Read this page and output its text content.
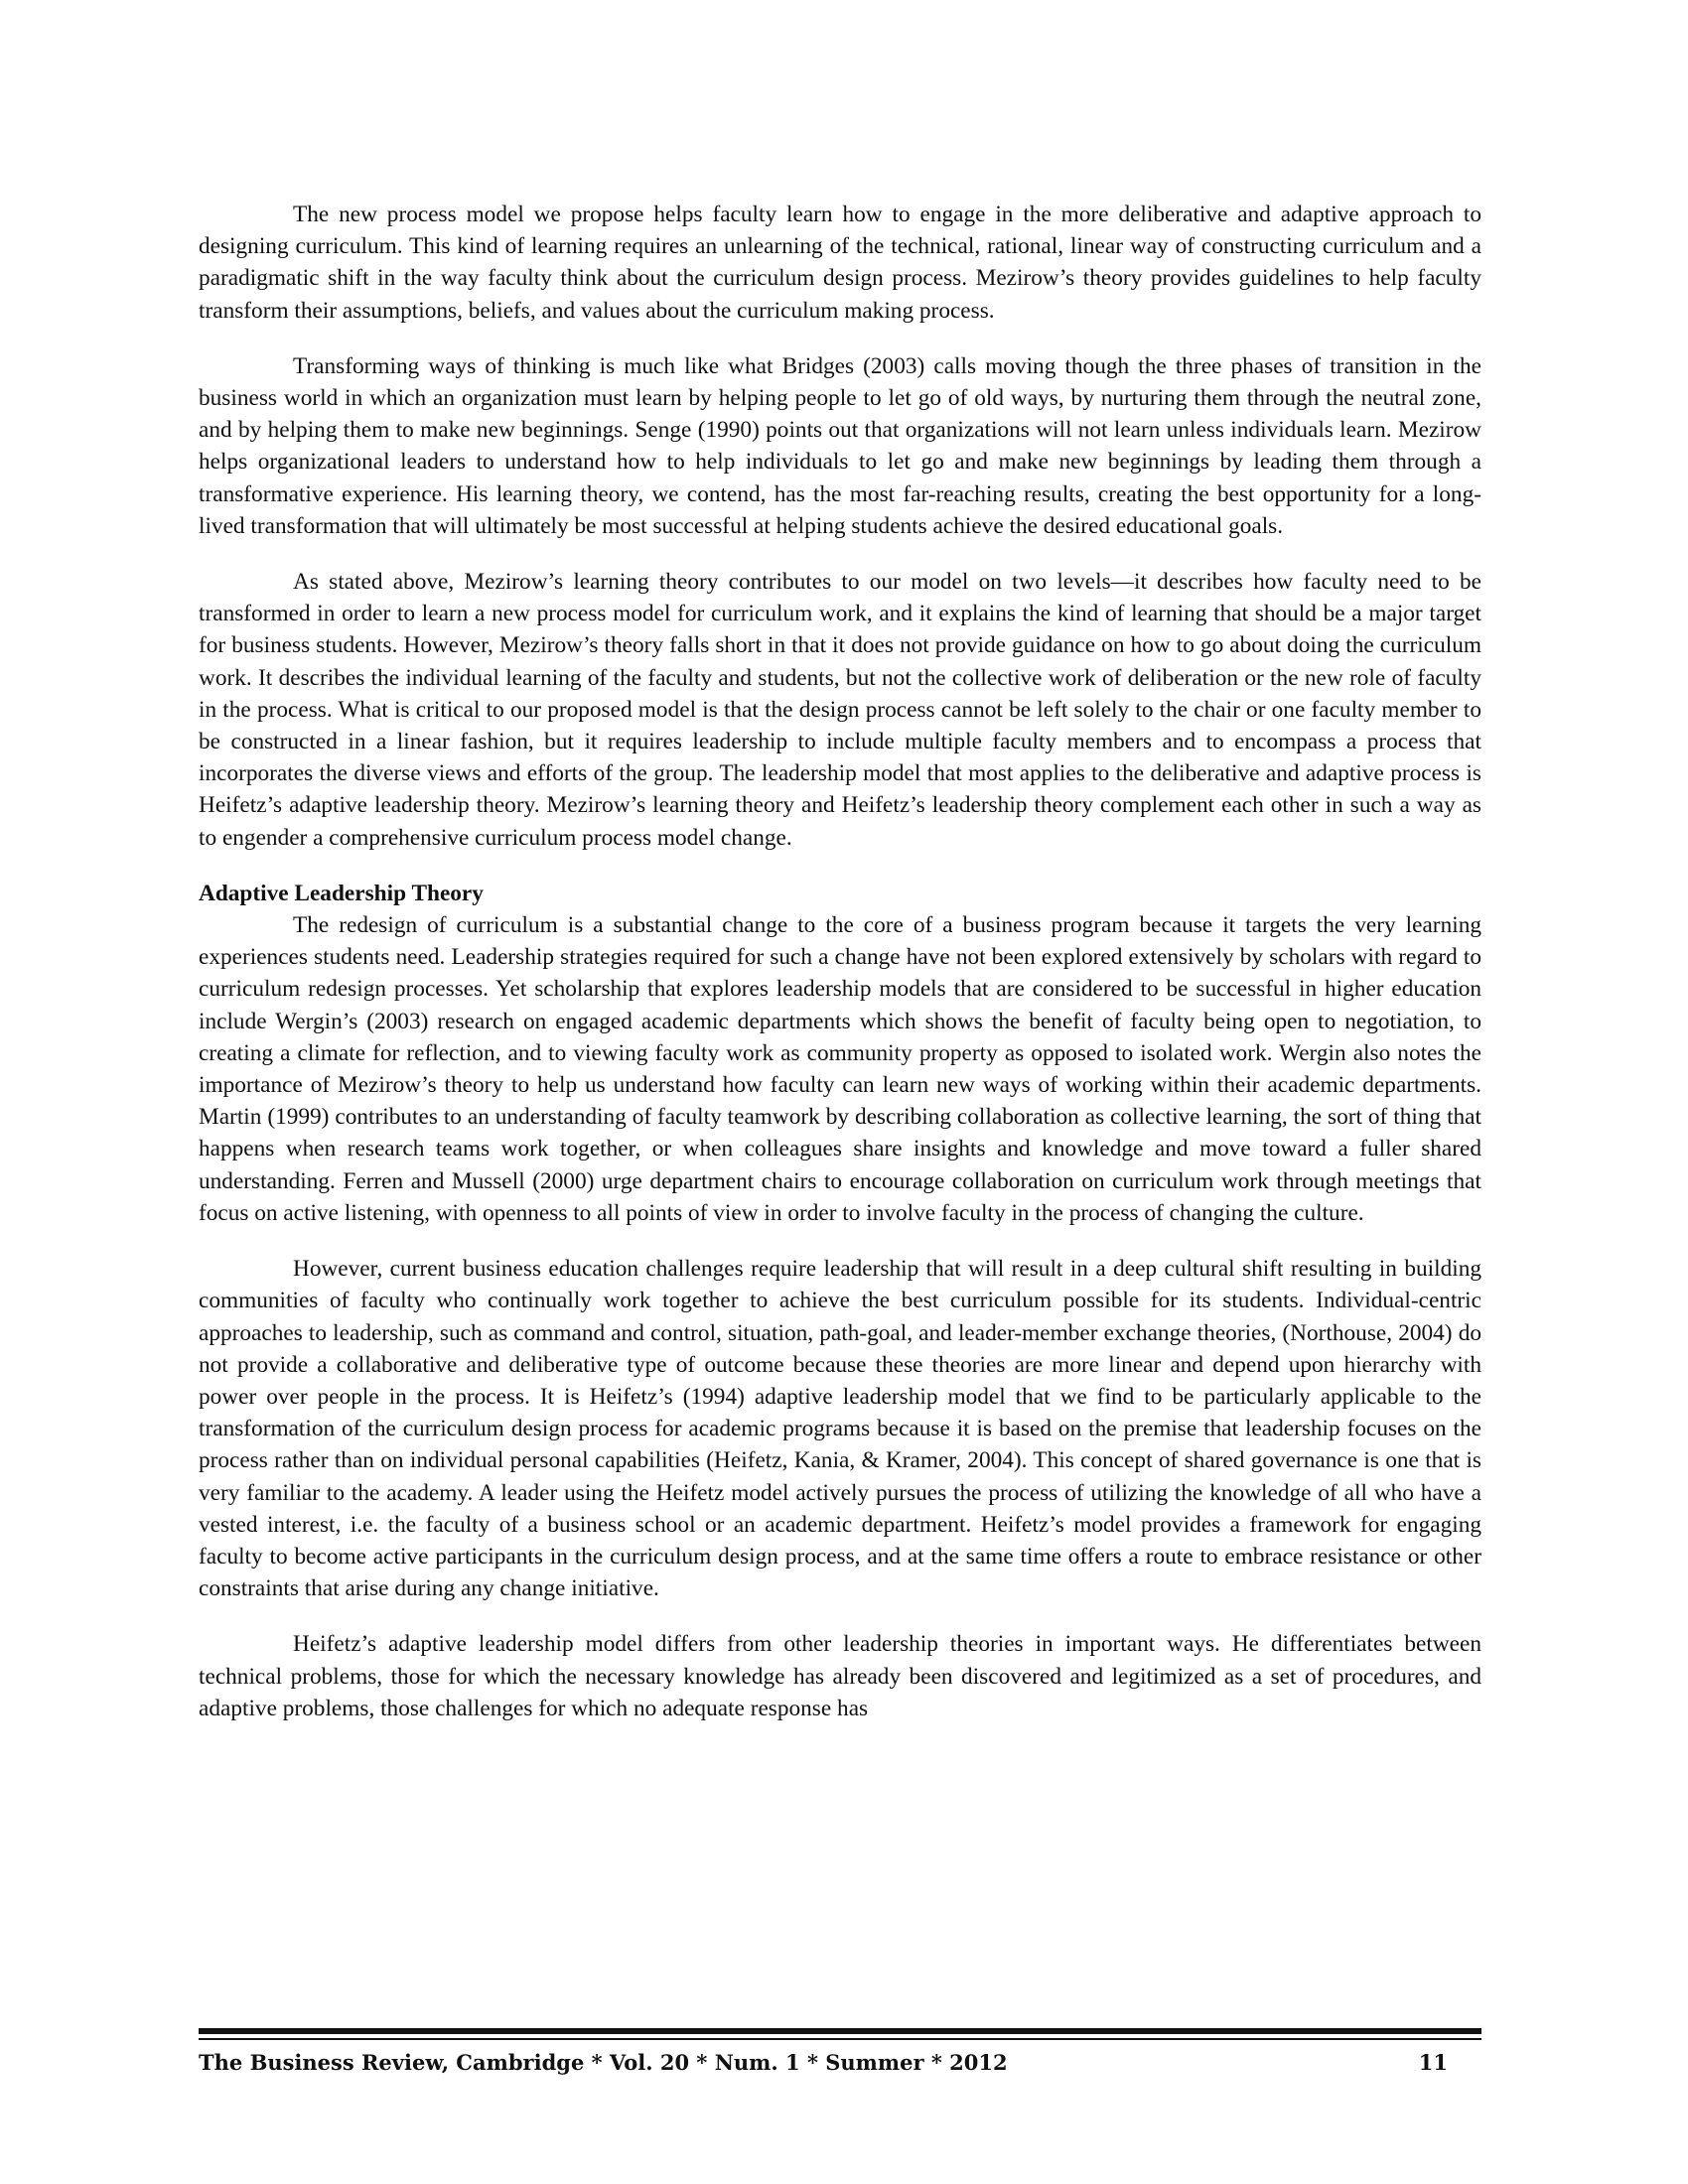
The new process model we propose helps faculty learn how to engage in the more deliberative and adaptive approach to designing curriculum. This kind of learning requires an unlearning of the technical, rational, linear way of constructing curriculum and a paradigmatic shift in the way faculty think about the curriculum design process. Mezirow’s theory provides guidelines to help faculty transform their assumptions, beliefs, and values about the curriculum making process.

Transforming ways of thinking is much like what Bridges (2003) calls moving though the three phases of transition in the business world in which an organization must learn by helping people to let go of old ways, by nurturing them through the neutral zone, and by helping them to make new beginnings. Senge (1990) points out that organizations will not learn unless individuals learn. Mezirow helps organizational leaders to understand how to help individuals to let go and make new beginnings by leading them through a transformative experience. His learning theory, we contend, has the most far-reaching results, creating the best opportunity for a long-lived transformation that will ultimately be most successful at helping students achieve the desired educational goals.

As stated above, Mezirow’s learning theory contributes to our model on two levels—it describes how faculty need to be transformed in order to learn a new process model for curriculum work, and it explains the kind of learning that should be a major target for business students. However, Mezirow’s theory falls short in that it does not provide guidance on how to go about doing the curriculum work. It describes the individual learning of the faculty and students, but not the collective work of deliberation or the new role of faculty in the process. What is critical to our proposed model is that the design process cannot be left solely to the chair or one faculty member to be constructed in a linear fashion, but it requires leadership to include multiple faculty members and to encompass a process that incorporates the diverse views and efforts of the group. The leadership model that most applies to the deliberative and adaptive process is Heifetz’s adaptive leadership theory. Mezirow’s learning theory and Heifetz’s leadership theory complement each other in such a way as to engender a comprehensive curriculum process model change.

Adaptive Leadership Theory

The redesign of curriculum is a substantial change to the core of a business program because it targets the very learning experiences students need. Leadership strategies required for such a change have not been explored extensively by scholars with regard to curriculum redesign processes. Yet scholarship that explores leadership models that are considered to be successful in higher education include Wergin’s (2003) research on engaged academic departments which shows the benefit of faculty being open to negotiation, to creating a climate for reflection, and to viewing faculty work as community property as opposed to isolated work. Wergin also notes the importance of Mezirow’s theory to help us understand how faculty can learn new ways of working within their academic departments. Martin (1999) contributes to an understanding of faculty teamwork by describing collaboration as collective learning, the sort of thing that happens when research teams work together, or when colleagues share insights and knowledge and move toward a fuller shared understanding. Ferren and Mussell (2000) urge department chairs to encourage collaboration on curriculum work through meetings that focus on active listening, with openness to all points of view in order to involve faculty in the process of changing the culture.

However, current business education challenges require leadership that will result in a deep cultural shift resulting in building communities of faculty who continually work together to achieve the best curriculum possible for its students. Individual-centric approaches to leadership, such as command and control, situation, path-goal, and leader-member exchange theories, (Northouse, 2004) do not provide a collaborative and deliberative type of outcome because these theories are more linear and depend upon hierarchy with power over people in the process. It is Heifetz’s (1994) adaptive leadership model that we find to be particularly applicable to the transformation of the curriculum design process for academic programs because it is based on the premise that leadership focuses on the process rather than on individual personal capabilities (Heifetz, Kania, & Kramer, 2004). This concept of shared governance is one that is very familiar to the academy. A leader using the Heifetz model actively pursues the process of utilizing the knowledge of all who have a vested interest, i.e. the faculty of a business school or an academic department. Heifetz’s model provides a framework for engaging faculty to become active participants in the curriculum design process, and at the same time offers a route to embrace resistance or other constraints that arise during any change initiative.

Heifetz’s adaptive leadership model differs from other leadership theories in important ways. He differentiates between technical problems, those for which the necessary knowledge has already been discovered and legitimized as a set of procedures, and adaptive problems, those challenges for which no adequate response has

The Business Review, Cambridge * Vol. 20 * Num. 1 * Summer * 2012	11
